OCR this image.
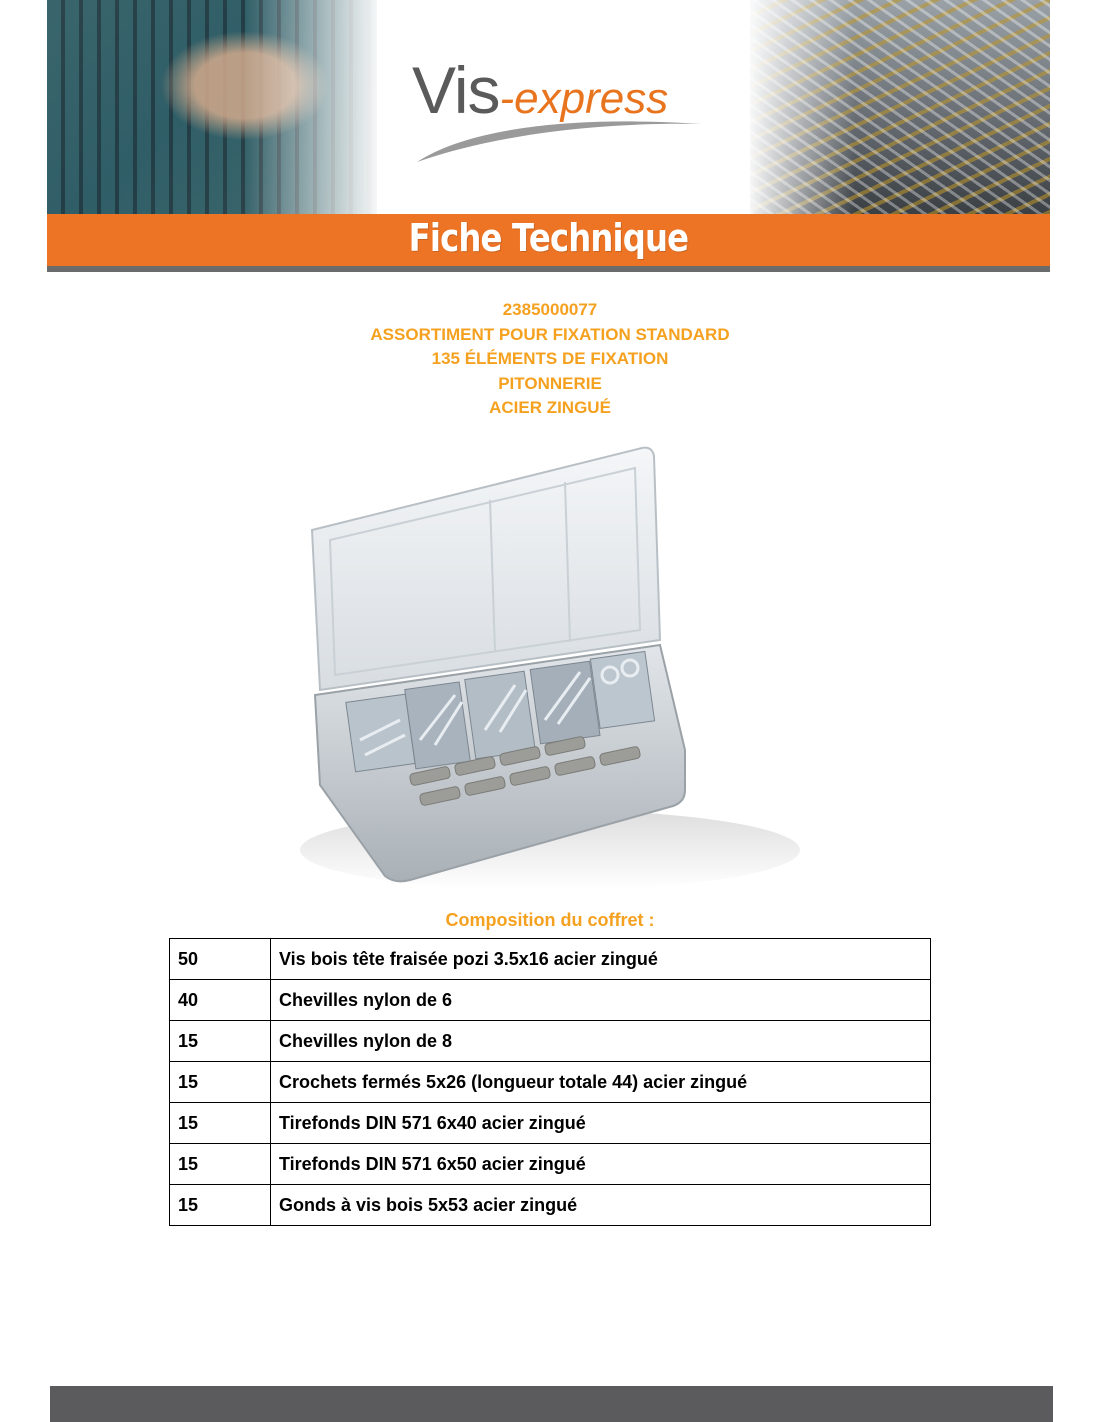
Vis-express
Fiche Technique
2385000077
ASSORTIMENT POUR FIXATION STANDARD
135 ÉLÉMENTS DE FIXATION
PITONNERIE
ACIER ZINGUÉ
Composition du coffret :
50	Vis bois tête fraisée pozi 3.5x16 acier zingué
40	Chevilles nylon de 6
15	Chevilles nylon de 8
15	Crochets fermés 5x26 (longueur totale 44) acier zingué
15	Tirefonds DIN 571 6x40 acier zingué
15	Tirefonds DIN 571 6x50 acier zingué
15	Gonds à vis bois 5x53 acier zingué
